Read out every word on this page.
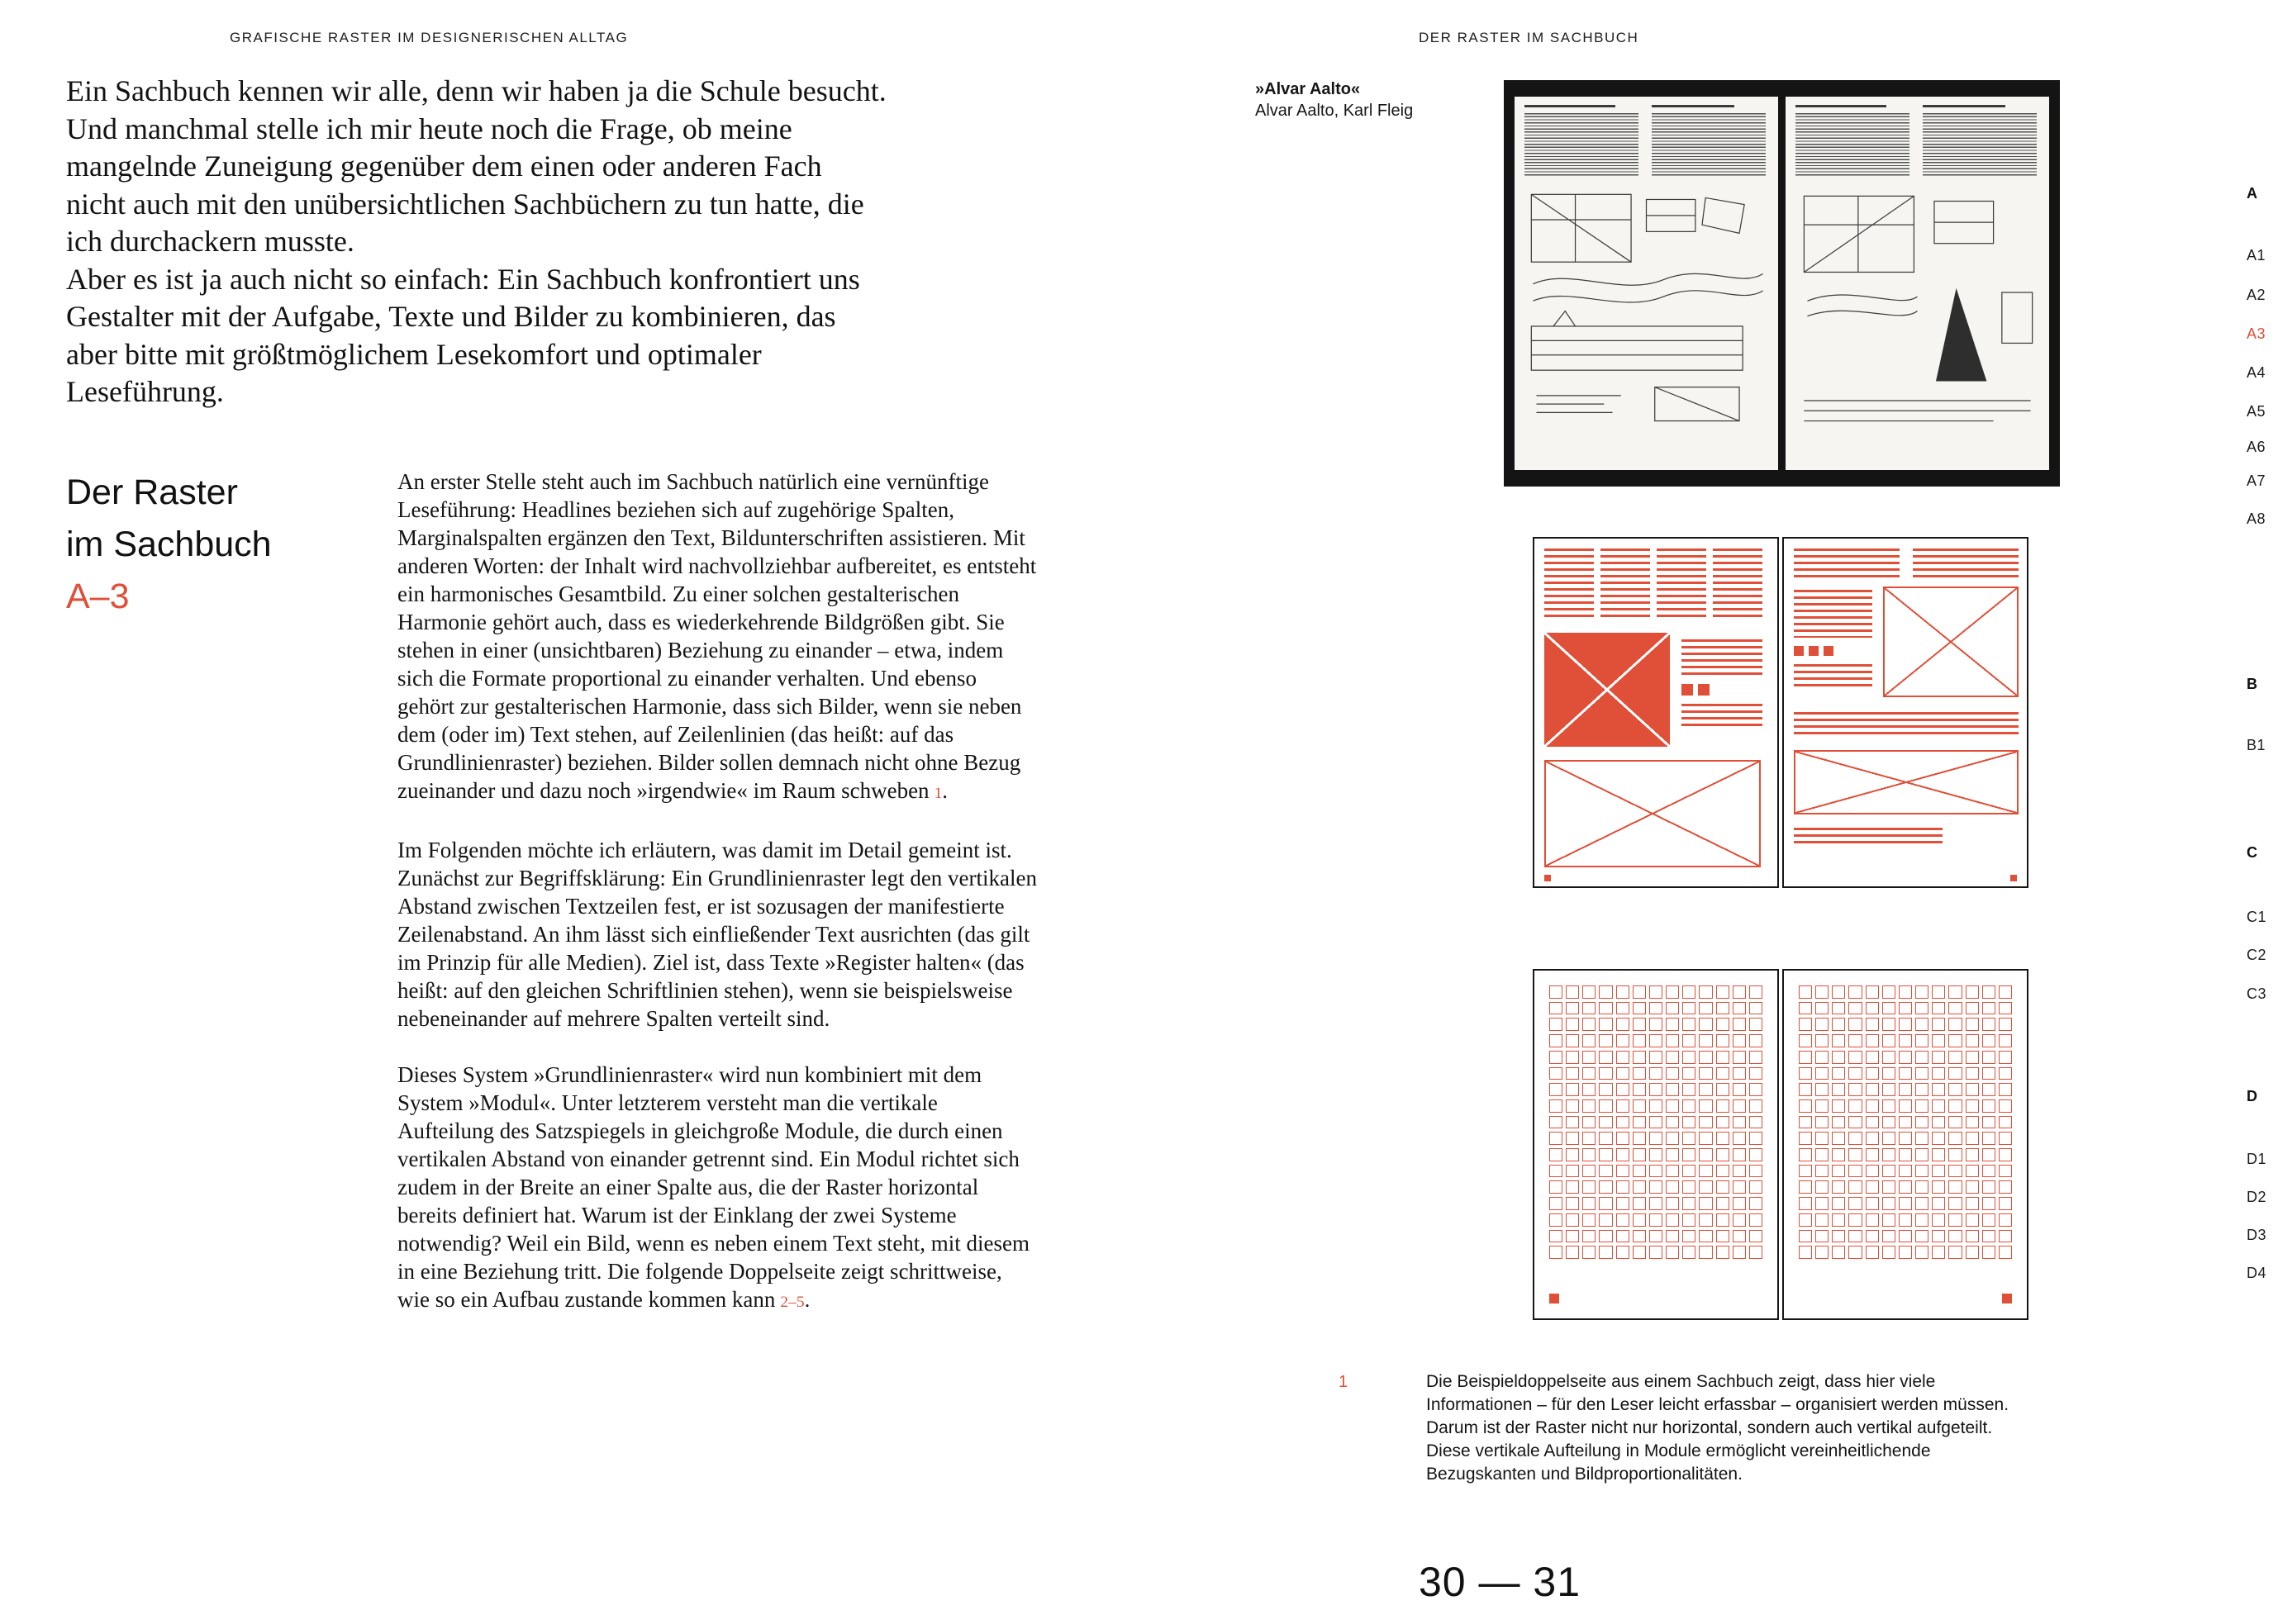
GRAFISCHE RASTER IM DESIGNERISCHEN ALLTAG	DER RASTER IM SACHBUCH

Ein Sachbuch kennen wir alle, denn wir haben ja die Schule besucht. Und manchmal stelle ich mir heute noch die Frage, ob meine mangelnde Zuneigung gegenüber dem einen oder anderen Fach nicht auch mit den unübersichtlichen Sachbüchern zu tun hatte, die ich durchackern musste.

Aber es ist ja auch nicht so einfach: Ein Sachbuch konfrontiert uns Gestalter mit der Aufgabe, Texte und Bilder zu kombinieren, das aber bitte mit größtmöglichem Lesekomfort und optimaler Leseführung.

Der Raster
im Sachbuch
A–3

An erster Stelle steht auch im Sachbuch natürlich eine vernünftige Leseführung: Headlines beziehen sich auf zugehörige Spalten, Marginalspalten ergänzen den Text, Bildunterschriften assistieren. Mit anderen Worten: der Inhalt wird nachvollziehbar aufbereitet, es entsteht ein harmonisches Gesamtbild. Zu einer solchen gestalterischen Harmonie gehört auch, dass es wiederkehrende Bildgrößen gibt. Sie stehen in einer (unsichtbaren) Beziehung zu einander – etwa, indem sich die Formate proportional zu einander verhalten. Und ebenso gehört zur gestalterischen Harmonie, dass sich Bilder, wenn sie neben dem (oder im) Text stehen, auf Zeilenlinien (das heißt: auf das Grundlinienraster) beziehen. Bilder sollen demnach nicht ohne Bezug zueinander und dazu noch »irgendwie« im Raum schweben 1.

Im Folgenden möchte ich erläutern, was damit im Detail gemeint ist. Zunächst zur Begriffsklärung: Ein Grundlinienraster legt den vertikalen Abstand zwischen Textzeilen fest, er ist sozusagen der manifestierte Zeilenabstand. An ihm lässt sich einfließender Text ausrichten (das gilt im Prinzip für alle Medien). Ziel ist, dass Texte »Register halten« (das heißt: auf den gleichen Schriftlinien stehen), wenn sie beispielsweise nebeneinander auf mehrere Spalten verteilt sind.

Dieses System »Grundlinienraster« wird nun kombiniert mit dem System »Modul«. Unter letzterem versteht man die vertikale Aufteilung des Satzspiegels in gleichgroße Module, die durch einen vertikalen Abstand von einander getrennt sind. Ein Modul richtet sich zudem in der Breite an einer Spalte aus, die der Raster horizontal bereits definiert hat. Warum ist der Einklang der zwei Systeme notwendig? Weil ein Bild, wenn es neben einem Text steht, mit diesem in eine Beziehung tritt. Die folgende Doppelseite zeigt schrittweise, wie so ein Aufbau zustande kommen kann 2–5.

»Alvar Aalto«
Alvar Aalto, Karl Fleig
A
A1
A2
A3
A4
A5
A6
A7
A8
B
B1
C
C1
C2
C3
D
D1
D2
D3
D4
1	Die Beispieldoppelseite aus einem Sachbuch zeigt, dass hier viele Informationen – für den Leser leicht erfassbar – organisiert werden müssen. Darum ist der Raster nicht nur horizontal, sondern auch vertikal aufgeteilt. Diese vertikale Aufteilung in Module ermöglicht vereinheitlichende Bezugskanten und Bildproportionalitäten.
30 — 31
